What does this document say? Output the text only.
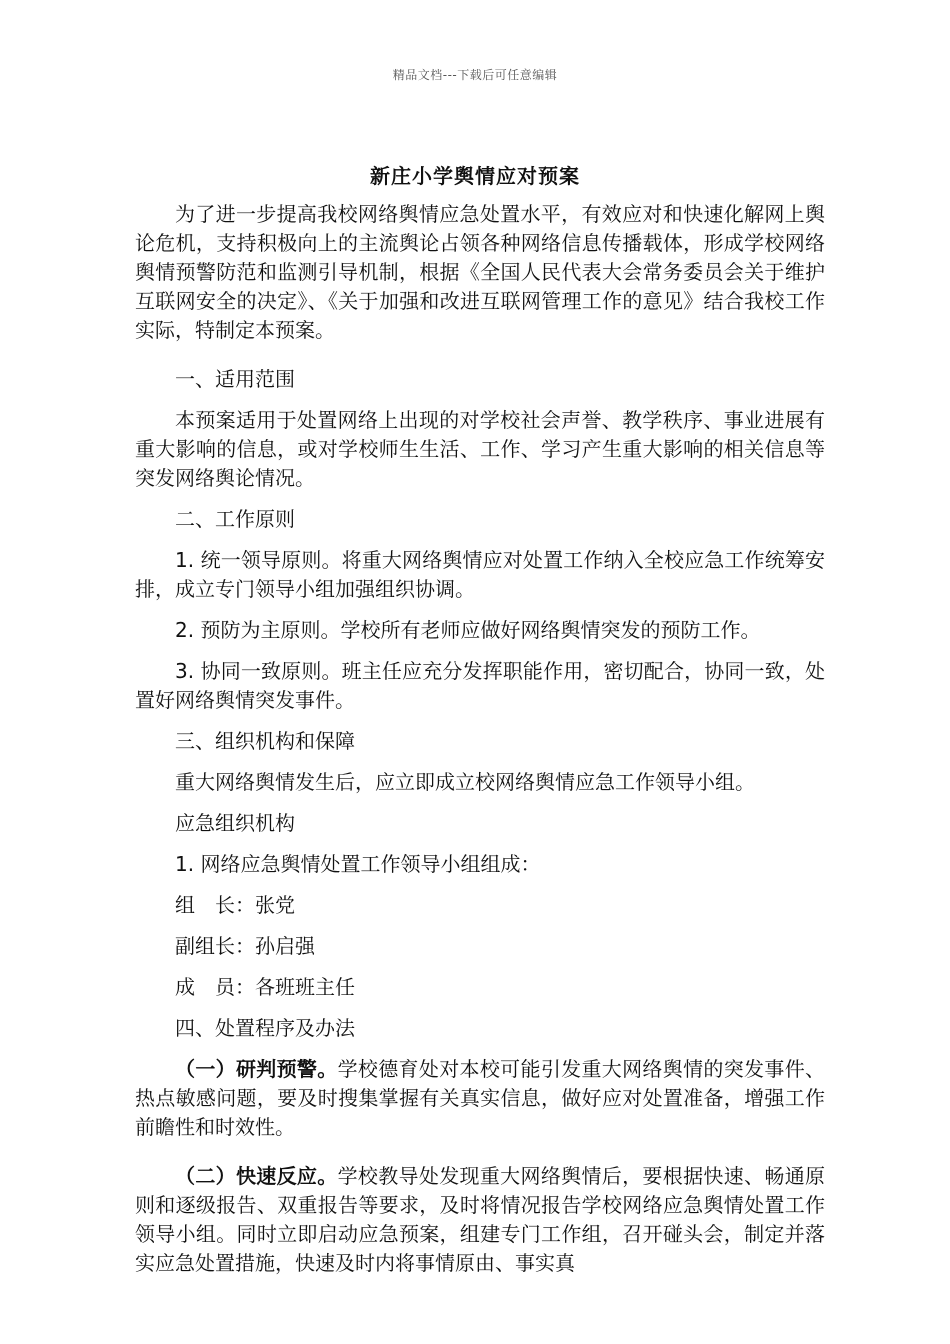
精品文档---下载后可任意编辑
新庄小学舆情应对预案

为了进一步提高我校网络舆情应急处置水平，有效应对和快速化解网上舆论危机，支持积极向上的主流舆论占领各种网络信息传播载体，形成学校网络舆情预警防范和监测引导机制，根据《全国人民代表大会常务委员会关于维护互联网安全的决定》、《关于加强和改进互联网管理工作的意见》结合我校工作实际，特制定本预案。

一、适用范围

本预案适用于处置网络上出现的对学校社会声誉、教学秩序、事业进展有重大影响的信息，或对学校师生生活、工作、学习产生重大影响的相关信息等突发网络舆论情况。

二、工作原则

1. 统一领导原则。将重大网络舆情应对处置工作纳入全校应急工作统筹安排，成立专门领导小组加强组织协调。

2. 预防为主原则。学校所有老师应做好网络舆情突发的预防工作。

3. 协同一致原则。班主任应充分发挥职能作用，密切配合，协同一致，处置好网络舆情突发事件。

三、组织机构和保障

重大网络舆情发生后，应立即成立校网络舆情应急工作领导小组。

应急组织机构

1. 网络应急舆情处置工作领导小组组成：

组　长：张党

副组长：孙启强

成　员：各班班主任

四、处置程序及办法

（一）研判预警。学校德育处对本校可能引发重大网络舆情的突发事件、热点敏感问题，要及时搜集掌握有关真实信息，做好应对处置准备，增强工作前瞻性和时效性。

（二）快速反应。学校教导处发现重大网络舆情后，要根据快速、畅通原则和逐级报告、双重报告等要求，及时将情况报告学校网络应急舆情处置工作领导小组。同时立即启动应急预案，组建专门工作组，召开碰头会，制定并落实应急处置措施，快速及时内将事情原由、事实真
